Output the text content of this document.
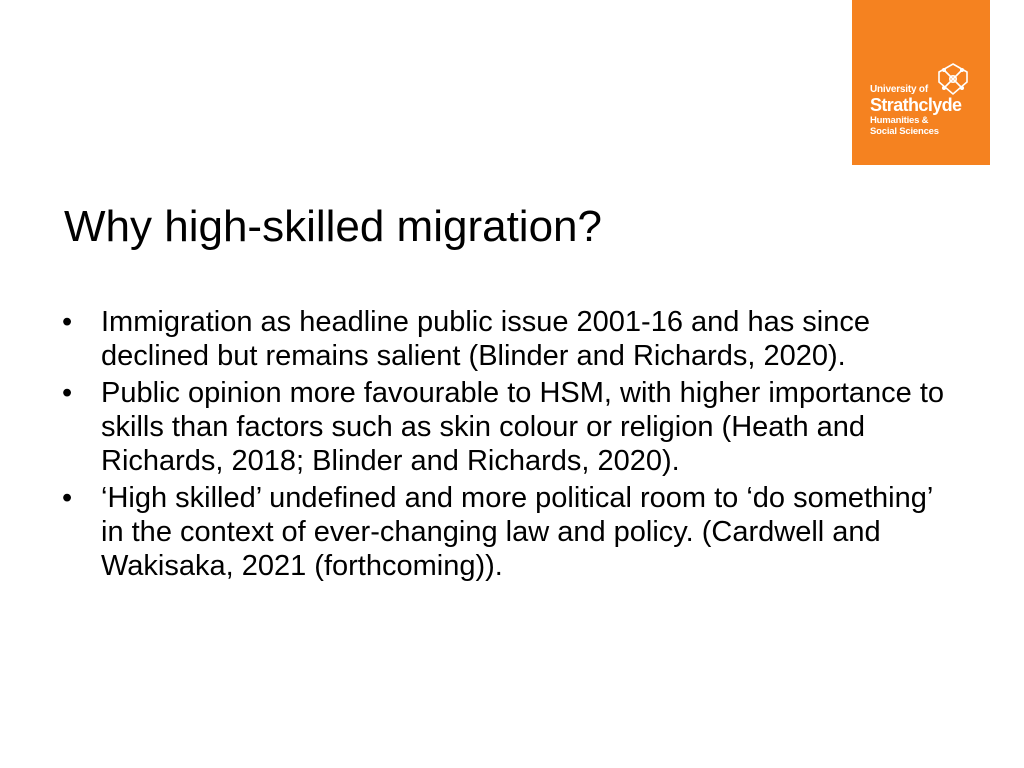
University of
Strathclyde
Humanities &
Social Sciences
Why high-skilled migration?
• Immigration as headline public issue 2001-16 and has since declined but remains salient (Blinder and Richards, 2020).
• Public opinion more favourable to HSM, with higher importance to skills than factors such as skin colour or religion (Heath and Richards, 2018; Blinder and Richards, 2020).
• ‘High skilled’ undefined and more political room to ‘do something’ in the context of ever-changing law and policy. (Cardwell and Wakisaka, 2021 (forthcoming)).
